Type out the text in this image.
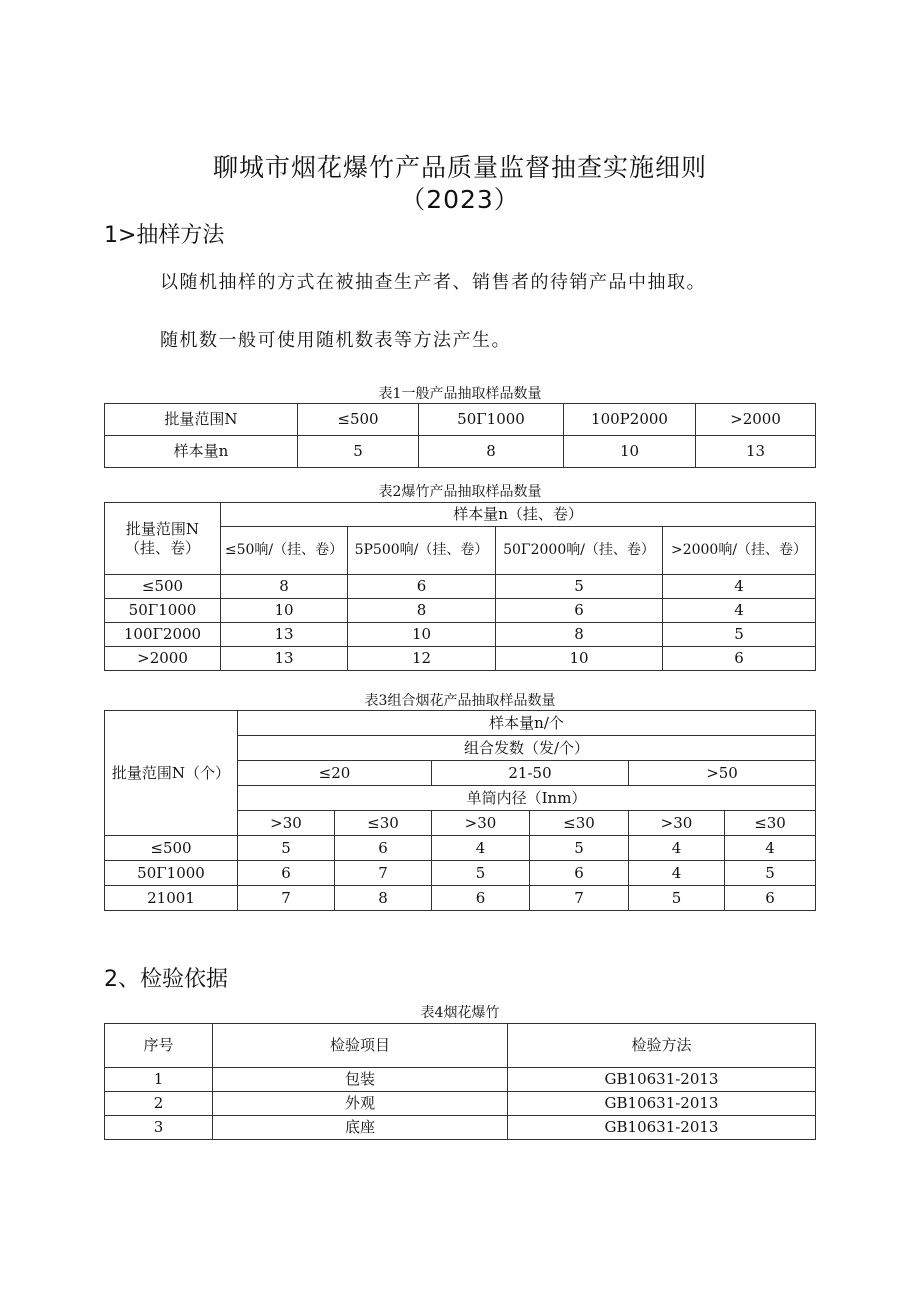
聊城市烟花爆竹产品质量监督抽查实施细则
（2023）
1>抽样方法
以随机抽样的方式在被抽查生产者、销售者的待销产品中抽取。
随机数一般可使用随机数表等方法产生。
表1一般产品抽取样品数量
批量范围N	≤500	50Γ1000	100P2000	>2000
样本量n	5	8	10	13
表2爆竹产品抽取样品数量
批量范围N（挂、卷）	样本量n（挂、卷）			
	≤50响/（挂、卷）	5P500响/（挂、卷）	50Γ2000响/（挂、卷）	>2000响/（挂、卷）
≤500	8	6	5	4
50Γ1000	10	8	6	4
100Γ2000	13	10	8	5
>2000	13	12	10	6
表3组合烟花产品抽取样品数量
批量范围N（个）	样本量n/个					
	组合发数（发/个）					
	≤20		21-50		>50	
	单筒内径（Inm）					
	>30	≤30	>30	≤30	>30	≤30
≤500	5	6	4	5	4	4
50Γ1000	6	7	5	6	4	5
21001	7	8	6	7	5	6
2、检验依据
表4烟花爆竹
序号	检验项目	检验方法
1	包装	GB10631-2013
2	外观	GB10631-2013
3	底座	GB10631-2013
